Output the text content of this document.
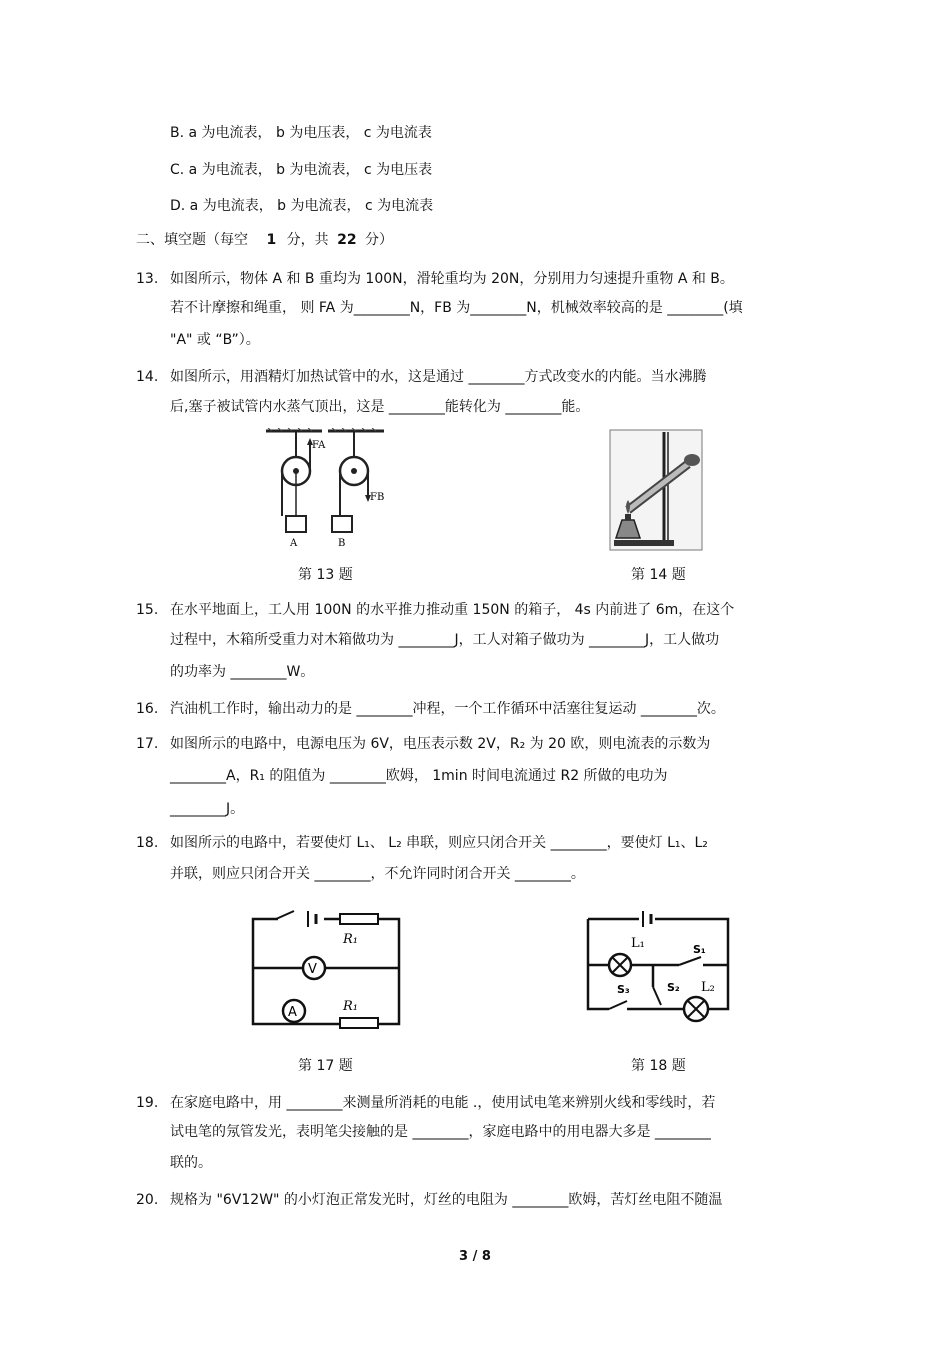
B. a 为电流表， b 为电压表， c 为电流表
C. a 为电流表， b 为电流表， c 为电压表
D. a 为电流表， b 为电流表， c 为电流表
二、填空题（每空 1 分，共 22 分）
13. 如图所示，物体 A 和 B 重均为 100N，滑轮重均为 20N，分别用力匀速提升重物 A 和 B。
若不计摩擦和绳重， 则 FA 为________N，FB 为________N，机械效率较高的是 ________(填
"A" 或 “B”）。
14. 如图所示，用酒精灯加热试管中的水，这是通过 ________方式改变水的内能。当水沸腾
后,塞子被试管内水蒸气顶出，这是 ________能转化为 ________能。
FA
FB
A	B
第 13 题	第 14 题
15. 在水平地面上，工人用 100N 的水平推力推动重 150N 的箱子， 4s 内前进了 6m，在这个
过程中，木箱所受重力对木箱做功为 ________J，工人对箱子做功为 ________J，工人做功
的功率为 ________W。
16. 汽油机工作时，输出动力的是 ________冲程，一个工作循环中活塞往复运动 ________次。
17. 如图所示的电路中，电源电压为 6V，电压表示数 2V，R₂ 为 20 欧，则电流表的示数为
________A，R₁ 的阻值为 ________欧姆， 1min 时间电流通过 R2 所做的电功为
________J。
18. 如图所示的电路中，若要使灯 L₁、 L₂ 串联，则应只闭合开关 ________，要使灯 L₁、L₂
并联，则应只闭合开关 ________，不允许同时闭合开关 ________。
R₁
V
A	R₁
L₁	S₁
S₂
S₃	L₂
第 17 题	第 18 题
19. 在家庭电路中，用 ________来测量所消耗的电能 .，使用试电笔来辨别火线和零线时，若
试电笔的氖管发光，表明笔尖接触的是 ________，家庭电路中的用电器大多是 ________
联的。
20. 规格为 "6V12W" 的小灯泡正常发光时，灯丝的电阻为 ________欧姆，苦灯丝电阻不随温
3 / 8
